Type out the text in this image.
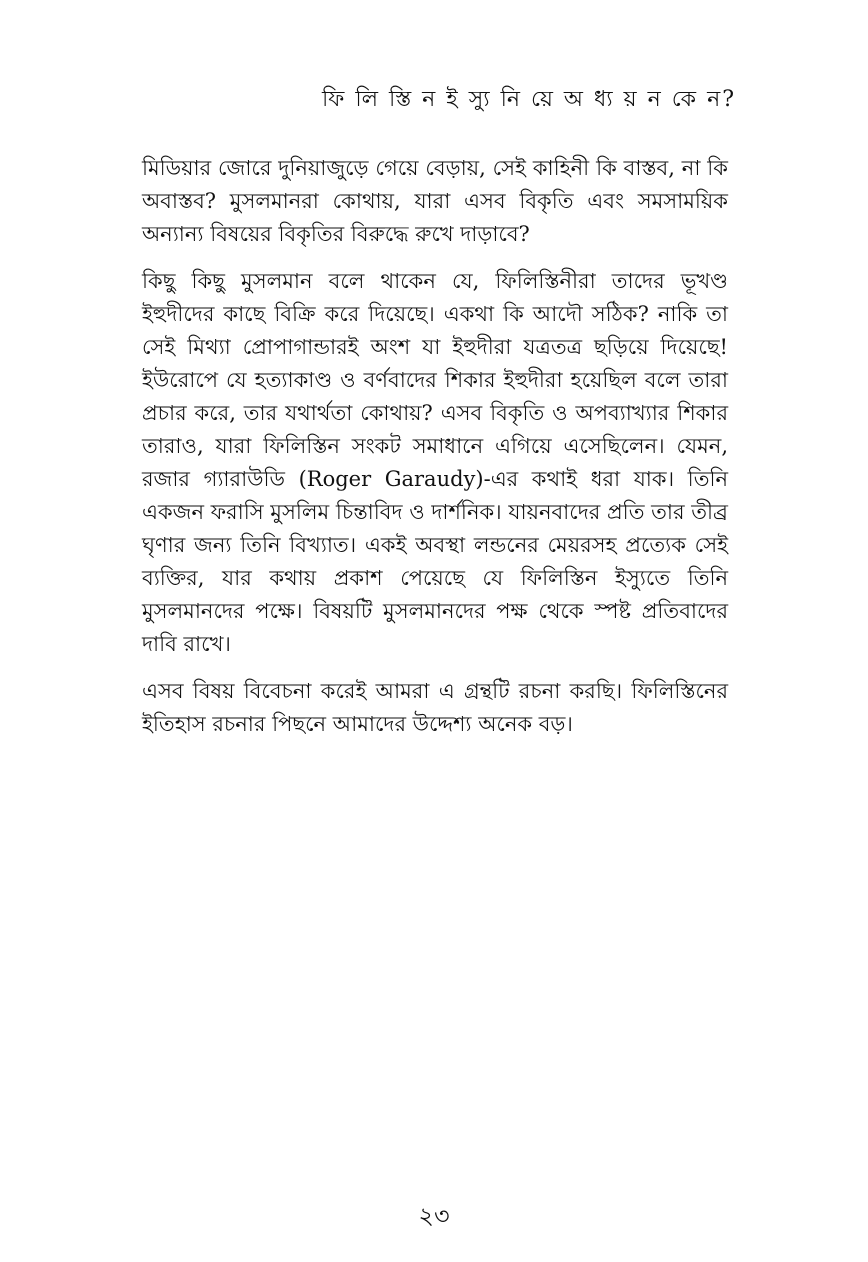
ফি লি স্তি ন ই স্যু নি য়ে অ ধ্য য় ন কে ন?

মিডিয়ার জোরে দুনিয়াজুড়ে গেয়ে বেড়ায়, সেই কাহিনী কি বাস্তব, না কি অবাস্তব? মুসলমানরা কোথায়, যারা এসব বিকৃতি এবং সমসাময়িক অন্যান্য বিষয়ের বিকৃতির বিরুদ্ধে রুখে দাড়াবে?

কিছু কিছু মুসলমান বলে থাকেন যে, ফিলিস্তিনীরা তাদের ভূখণ্ড ইহুদীদের কাছে বিক্রি করে দিয়েছে। একথা কি আদৌ সঠিক? নাকি তা সেই মিথ্যা প্রোপাগান্ডারই অংশ যা ইহুদীরা যত্রতত্র ছড়িয়ে দিয়েছে! ইউরোপে যে হত্যাকাণ্ড ও বর্ণবাদের শিকার ইহুদীরা হয়েছিল বলে তারা প্রচার করে, তার যথার্থতা কোথায়? এসব বিকৃতি ও অপব্যাখ্যার শিকার তারাও, যারা ফিলিস্তিন সংকট সমাধানে এগিয়ে এসেছিলেন। যেমন, রজার গ্যারাউডি (Roger Garaudy)-এর কথাই ধরা যাক। তিনি একজন ফরাসি মুসলিম চিন্তাবিদ ও দার্শনিক। যায়নবাদের প্রতি তার তীব্র ঘৃণার জন্য তিনি বিখ্যাত। একই অবস্থা লন্ডনের মেয়রসহ প্রত্যেক সেই ব্যক্তির, যার কথায় প্রকাশ পেয়েছে যে ফিলিস্তিন ইস্যুতে তিনি মুসলমানদের পক্ষে। বিষয়টি মুসলমানদের পক্ষ থেকে স্পষ্ট প্রতিবাদের দাবি রাখে।

এসব বিষয় বিবেচনা করেই আমরা এ গ্রন্থটি রচনা করছি। ফিলিস্তিনের ইতিহাস রচনার পিছনে আমাদের উদ্দেশ্য অনেক বড়।

২৩
